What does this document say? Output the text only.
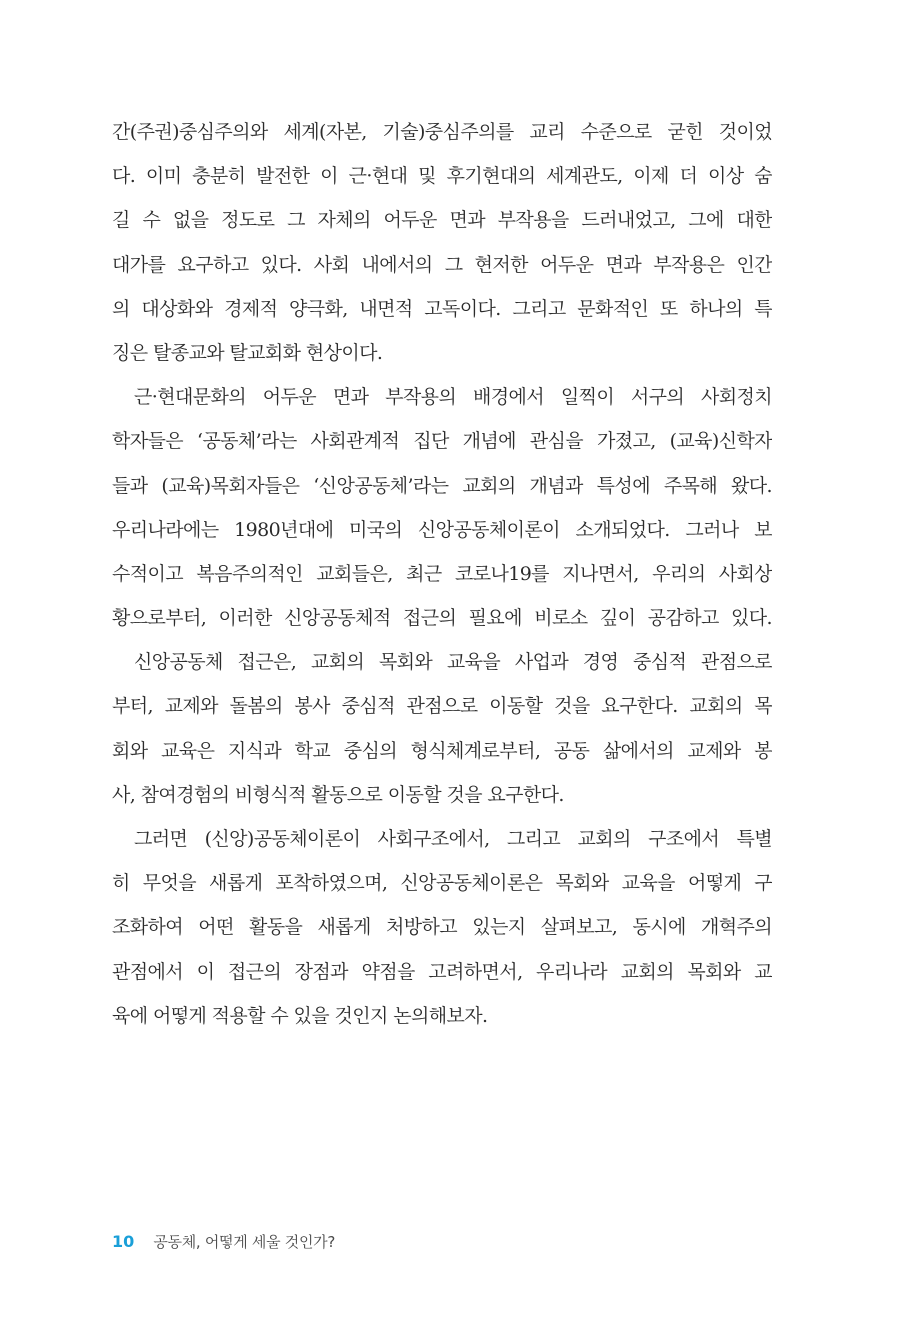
간(주권)중심주의와 세계(자본, 기술)중심주의를 교리 수준으로 굳힌 것이었
다. 이미 충분히 발전한 이 근·현대 및 후기현대의 세계관도, 이제 더 이상 숨
길 수 없을 정도로 그 자체의 어두운 면과 부작용을 드러내었고, 그에 대한
대가를 요구하고 있다. 사회 내에서의 그 현저한 어두운 면과 부작용은 인간
의 대상화와 경제적 양극화, 내면적 고독이다. 그리고 문화적인 또 하나의 특
징은 탈종교와 탈교회화 현상이다.
근·현대문화의 어두운 면과 부작용의 배경에서 일찍이 서구의 사회정치
학자들은 ‘공동체’라는 사회관계적 집단 개념에 관심을 가졌고, (교육)신학자
들과 (교육)목회자들은 ‘신앙공동체’라는 교회의 개념과 특성에 주목해 왔다.
우리나라에는 1980년대에 미국의 신앙공동체이론이 소개되었다. 그러나 보
수적이고 복음주의적인 교회들은, 최근 코로나19를 지나면서, 우리의 사회상
황으로부터, 이러한 신앙공동체적 접근의 필요에 비로소 깊이 공감하고 있다.
신앙공동체 접근은, 교회의 목회와 교육을 사업과 경영 중심적 관점으로
부터, 교제와 돌봄의 봉사 중심적 관점으로 이동할 것을 요구한다. 교회의 목
회와 교육은 지식과 학교 중심의 형식체계로부터, 공동 삶에서의 교제와 봉
사, 참여경험의 비형식적 활동으로 이동할 것을 요구한다.
그러면 (신앙)공동체이론이 사회구조에서, 그리고 교회의 구조에서 특별
히 무엇을 새롭게 포착하였으며, 신앙공동체이론은 목회와 교육을 어떻게 구
조화하여 어떤 활동을 새롭게 처방하고 있는지 살펴보고, 동시에 개혁주의
관점에서 이 접근의 장점과 약점을 고려하면서, 우리나라 교회의 목회와 교
육에 어떻게 적용할 수 있을 것인지 논의해보자.
10 공동체, 어떻게 세울 것인가?
